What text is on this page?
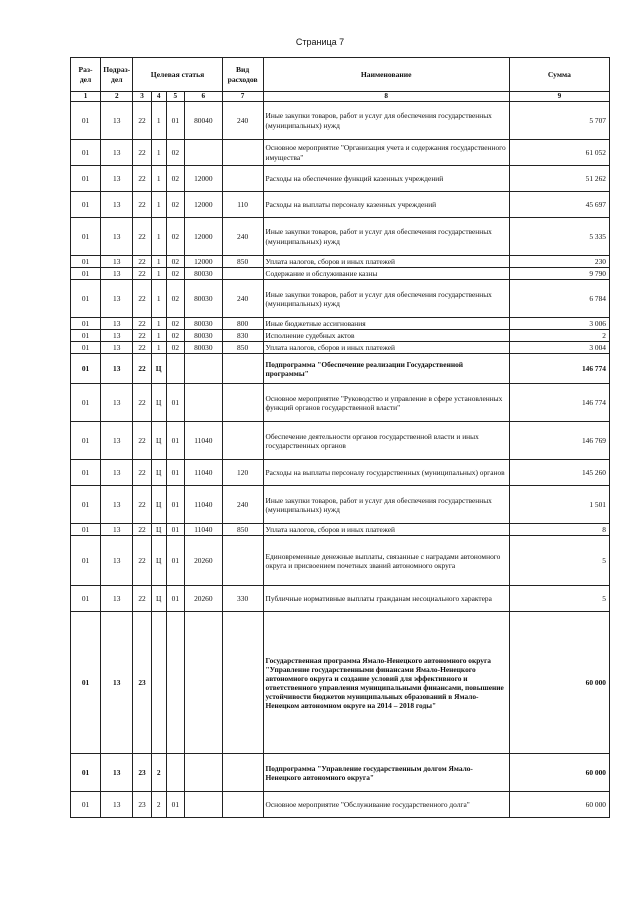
Страница 7
Раз-дел	Подраз-дел	Целевая статья				Вид расходов	Наименование	Сумма
1	2	3	4	5	6	7	8	9
01	13	22	1	01	80040	240	Иные закупки товаров, работ и услуг для обеспечения государственных (муниципальных) нужд	5 707
01	13	22	1	02			Основное мероприятие "Организация учета и содержания государственного имущества"	61 052
01	13	22	1	02	12000		Расходы на обеспечение функций казенных учреждений	51 262
01	13	22	1	02	12000	110	Расходы на выплаты персоналу казенных учреждений	45 697
01	13	22	1	02	12000	240	Иные закупки товаров, работ и услуг для обеспечения государственных (муниципальных) нужд	5 335
01	13	22	1	02	12000	850	Уплата налогов, сборов и иных платежей	230
01	13	22	1	02	80030		Содержание и обслуживание казны	9 790
01	13	22	1	02	80030	240	Иные закупки товаров, работ и услуг для обеспечения государственных (муниципальных) нужд	6 784
01	13	22	1	02	80030	800	Иные бюджетные ассигнования	3 006
01	13	22	1	02	80030	830	Исполнение судебных актов	2
01	13	22	1	02	80030	850	Уплата налогов, сборов и иных платежей	3 004
01	13	22	Ц				Подпрограмма "Обеспечение реализации Государственной программы"	146 774
01	13	22	Ц	01			Основное мероприятие "Руководство и управление в сфере установленных функций органов государственной власти"	146 774
01	13	22	Ц	01	11040		Обеспечение деятельности органов государственной власти и иных государственных органов	146 769
01	13	22	Ц	01	11040	120	Расходы на выплаты персоналу государственных (муниципальных) органов	145 260
01	13	22	Ц	01	11040	240	Иные закупки товаров, работ и услуг для обеспечения государственных (муниципальных) нужд	1 501
01	13	22	Ц	01	11040	850	Уплата налогов, сборов и иных платежей	8
01	13	22	Ц	01	20260		Единовременные денежные выплаты, связанные с наградами автономного округа и присвоением почетных званий автономного округа	5
01	13	22	Ц	01	20260	330	Публичные нормативные выплаты гражданам несоциального характера	5
01	13	23					Государственная программа Ямало-Ненецкого автономного округа "Управление государственными финансами Ямало-Ненецкого автономного округа и создание условий для эффективного и ответственного управления муниципальными финансами, повышение устойчивости бюджетов муниципальных образований в Ямало-Ненецком автономном округе на 2014 – 2018 годы"	60 000
01	13	23	2				Подпрограмма "Управление государственным долгом Ямало-Ненецкого автономного округа"	60 000
01	13	23	2	01			Основное мероприятие "Обслуживание государственного долга"	60 000
